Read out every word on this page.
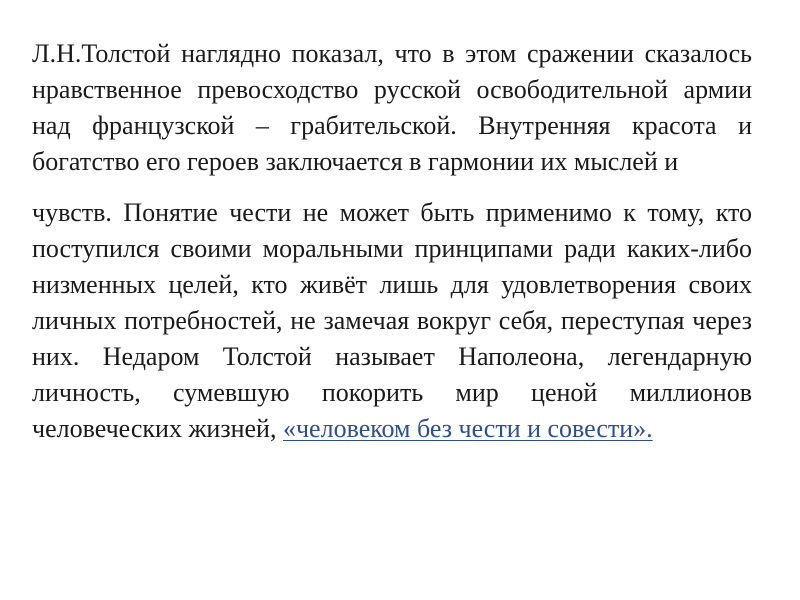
Л.Н.Толстой наглядно показал, что в этом сражении сказалось нравственное превосходство русской освободительной армии над французской – грабительской. Внутренняя красота и богатство его героев заключается в гармонии их мыслей и

чувств. Понятие чести не может быть применимо к тому, кто поступился своими моральными принципами ради каких-либо низменных целей, кто живёт лишь для удовлетворения своих личных потребностей, не замечая вокруг себя, переступая через них. Недаром Толстой называет Наполеона, легендарную личность, сумевшую покорить мир ценой миллионов человеческих жизней, «человеком без чести и совести».
